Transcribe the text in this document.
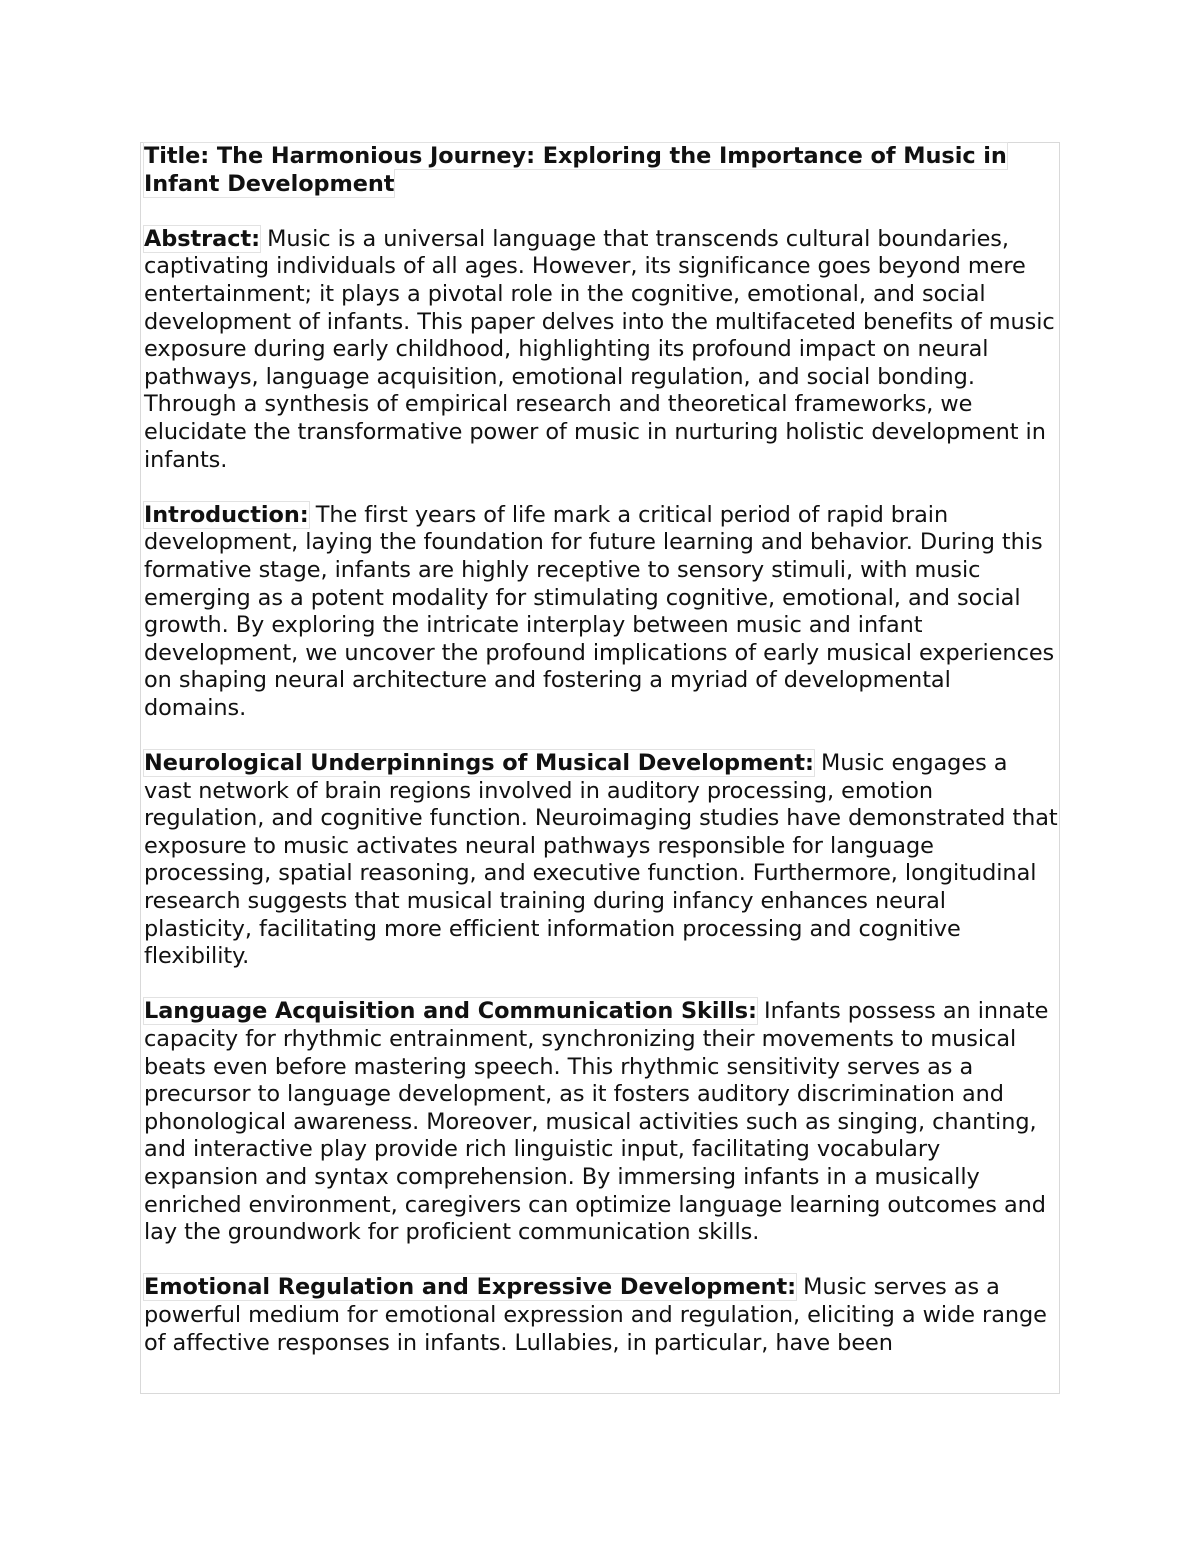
Title: The Harmonious Journey: Exploring the Importance of Music in Infant Development

Abstract: Music is a universal language that transcends cultural boundaries, captivating individuals of all ages. However, its significance goes beyond mere entertainment; it plays a pivotal role in the cognitive, emotional, and social development of infants. This paper delves into the multifaceted benefits of music exposure during early childhood, highlighting its profound impact on neural pathways, language acquisition, emotional regulation, and social bonding. Through a synthesis of empirical research and theoretical frameworks, we elucidate the transformative power of music in nurturing holistic development in infants.

Introduction: The first years of life mark a critical period of rapid brain development, laying the foundation for future learning and behavior. During this formative stage, infants are highly receptive to sensory stimuli, with music emerging as a potent modality for stimulating cognitive, emotional, and social growth. By exploring the intricate interplay between music and infant development, we uncover the profound implications of early musical experiences on shaping neural architecture and fostering a myriad of developmental domains.

Neurological Underpinnings of Musical Development: Music engages a vast network of brain regions involved in auditory processing, emotion regulation, and cognitive function. Neuroimaging studies have demonstrated that exposure to music activates neural pathways responsible for language processing, spatial reasoning, and executive function. Furthermore, longitudinal research suggests that musical training during infancy enhances neural plasticity, facilitating more efficient information processing and cognitive flexibility.

Language Acquisition and Communication Skills: Infants possess an innate capacity for rhythmic entrainment, synchronizing their movements to musical beats even before mastering speech. This rhythmic sensitivity serves as a precursor to language development, as it fosters auditory discrimination and phonological awareness. Moreover, musical activities such as singing, chanting, and interactive play provide rich linguistic input, facilitating vocabulary expansion and syntax comprehension. By immersing infants in a musically enriched environment, caregivers can optimize language learning outcomes and lay the groundwork for proficient communication skills.

Emotional Regulation and Expressive Development: Music serves as a powerful medium for emotional expression and regulation, eliciting a wide range of affective responses in infants. Lullabies, in particular, have been
